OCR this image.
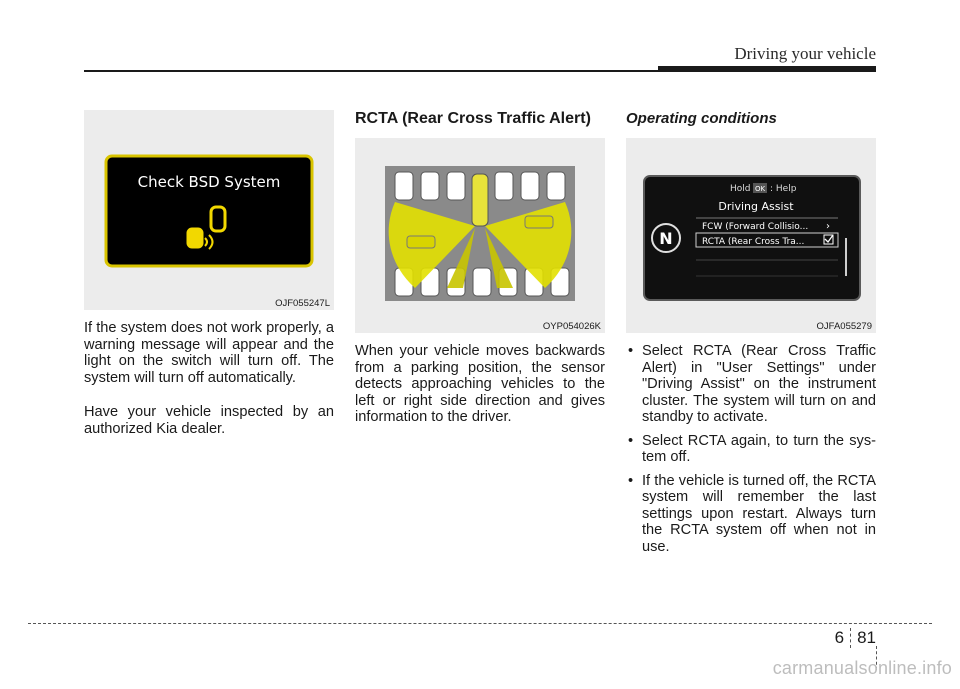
Driving your vehicle
Check BSD System
OJF055247L

If the system does not work properly, a warning message will appear and the light on the switch will turn off. The system will turn off automatically.

Have your vehicle inspected by an authorized Kia dealer.

RCTA (Rear Cross Traffic Alert)
OYP054026K

When your vehicle moves backwards from a parking position, the sensor detects approaching vehicles to the left or right side direction and gives information to the driver.

Operating conditions
N
Hold OK : Help
Driving Assist
FCW (Forward Collisio... ›
RCTA (Rear Cross Tra...
OJFA055279
• Select RCTA (Rear Cross Traffic Alert) in "User Settings" under "Driving Assist" on the instrument cluster. The system will turn on and standby to activate.
• Select RCTA again, to turn the sys- tem off.
• If the vehicle is turned off, the RCTA system will remember the last settings upon restart. Always turn the RCTA system off when not in use.
6 81
carmanualsonline.info
